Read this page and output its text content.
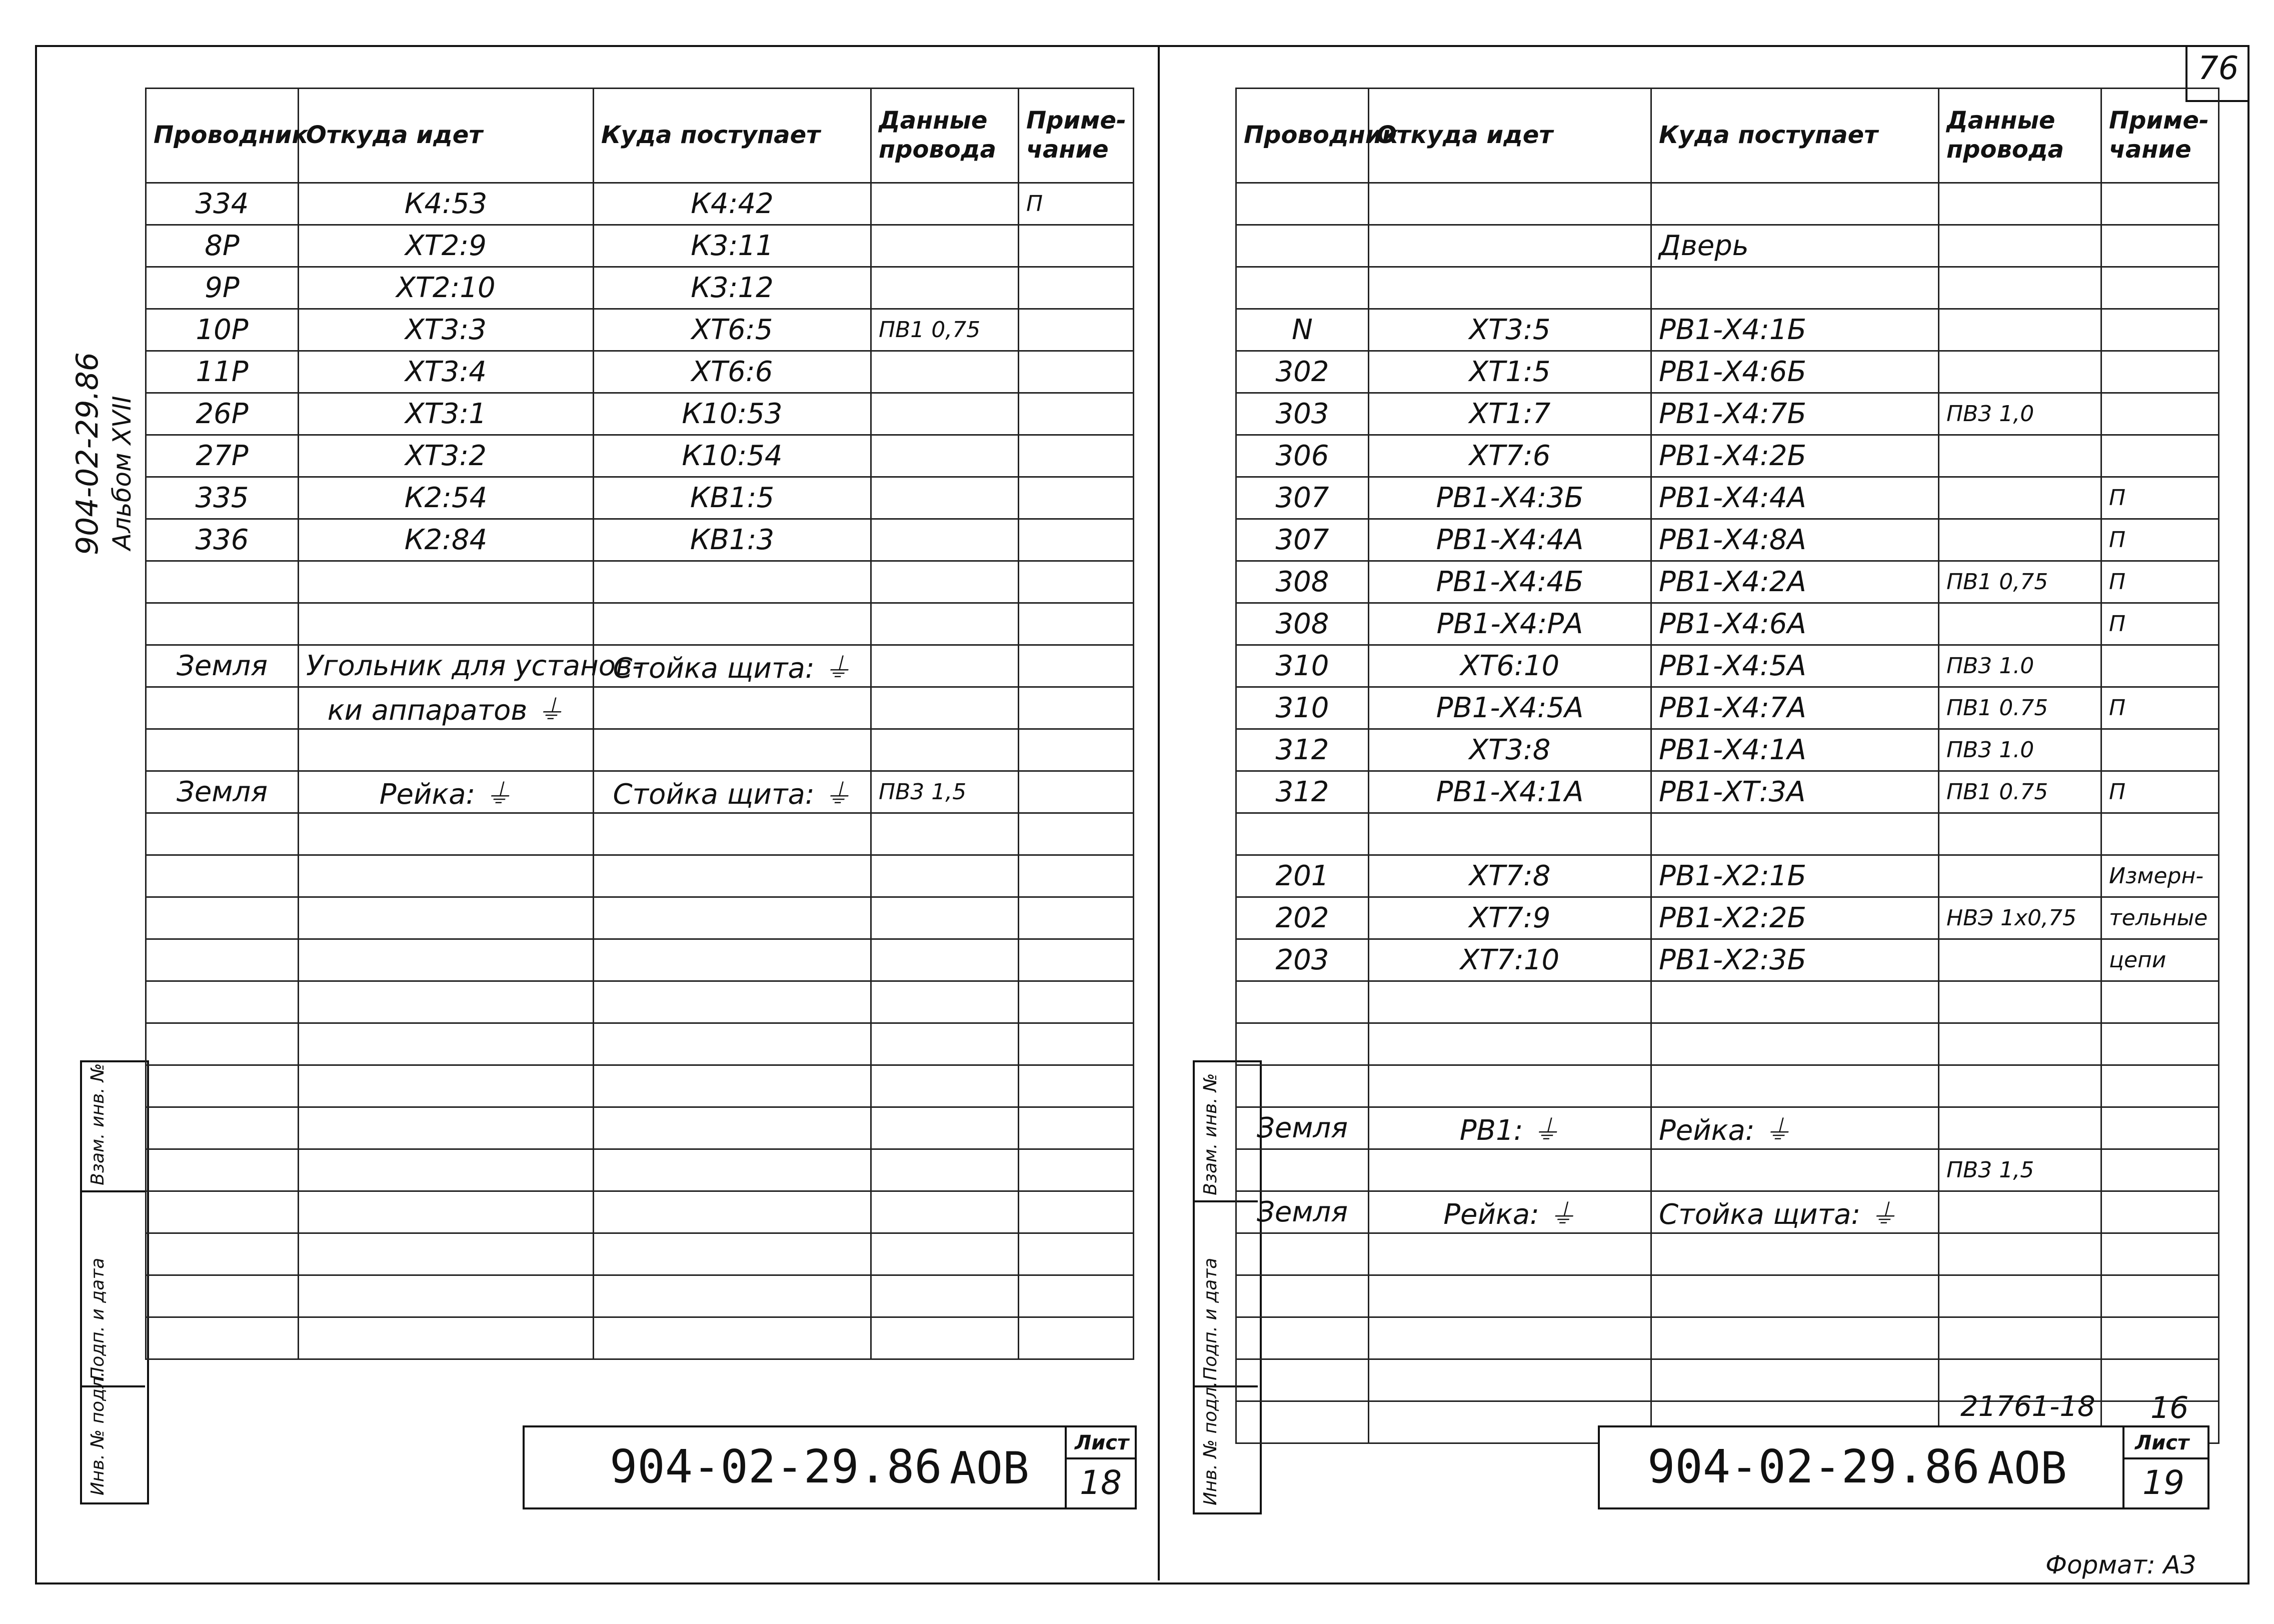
76
904-02-29.86 Альбом XVII
Взам. инв. №
Подп. и дата
Инв. № подл.
Проводник	Откуда идет	Куда поступает	Данные провода	Приме-чание
334	К4:53	К4:42		П
8Р	ХТ2:9	К3:11		
9Р	ХТ2:10	К3:12		
10Р	ХТ3:3	ХТ6:5	ПВ1 0,75	
11Р	ХТ3:4	ХТ6:6		
26Р	ХТ3:1	К10:53		
27Р	ХТ3:2	К10:54		
335	К2:54	КВ1:5		
336	К2:84	КВ1:3		

Земля	Угольник для установ-	Стойка щита: ⏚		
	ки аппаратов ⏚			

Земля	Рейка: ⏚	Стойка щита: ⏚	ПВ3 1,5	

904-02-29.86 АОВ Лист
18
Взам. инв. №
Подп. и дата
Инв. № подл.
Проводник	Откуда идет	Куда поступает	Данные провода	Приме-чание

		Дверь		

N	ХТ3:5	РВ1-Х4:1Б		
302	ХТ1:5	РВ1-Х4:6Б		
303	ХТ1:7	РВ1-Х4:7Б	ПВ3 1,0	
306	ХТ7:6	РВ1-Х4:2Б		
307	РВ1-Х4:3Б	РВ1-Х4:4А		П
307	РВ1-Х4:4А	РВ1-Х4:8А		П
308	РВ1-Х4:4Б	РВ1-Х4:2А	ПВ1 0,75	П
308	РВ1-Х4:РА	РВ1-Х4:6А		П
310	ХТ6:10	РВ1-Х4:5А	ПВ3 1.0	
310	РВ1-Х4:5А	РВ1-Х4:7А	ПВ1 0.75	П
312	ХТ3:8	РВ1-Х4:1А	ПВ3 1.0	
312	РВ1-Х4:1А	РВ1-ХТ:3А	ПВ1 0.75	П

201	ХТ7:8	РВ1-Х2:1Б		Измерн-
202	ХТ7:9	РВ1-Х2:2Б	НВЭ 1х0,75	тельные
203	ХТ7:10	РВ1-Х2:3Б		цепи

Земля	РВ1: ⏚	Рейка: ⏚		
			ПВ3 1,5	
Земля	Рейка: ⏚	Стойка щита: ⏚		

21761-18 16
904-02-29.86 АОВ	Лист
19
Формат: А3
